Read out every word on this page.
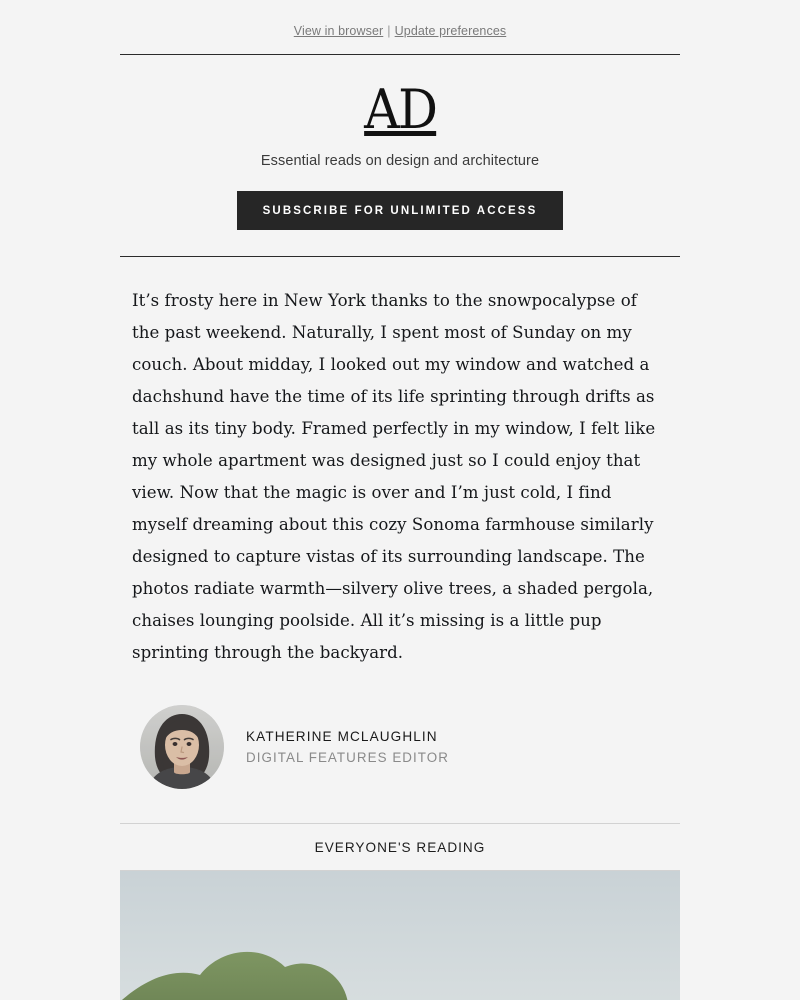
View in browser | Update preferences
AD
Essential reads on design and architecture
SUBSCRIBE FOR UNLIMITED ACCESS

It’s frosty here in New York thanks to the snowpocalypse of the past weekend. Naturally, I spent most of Sunday on my couch. About midday, I looked out my window and watched a dachshund have the time of its life sprinting through drifts as tall as its tiny body. Framed perfectly in my window, I felt like my whole apartment was designed just so I could enjoy that view. Now that the magic is over and I’m just cold, I find myself dreaming about this cozy Sonoma farmhouse similarly designed to capture vistas of its surrounding landscape. The photos radiate warmth—silvery olive trees, a shaded pergola, chaises lounging poolside. All it’s missing is a little pup sprinting through the backyard.

KATHERINE MCLAUGHLIN
DIGITAL FEATURES EDITOR
EVERYONE'S READING
